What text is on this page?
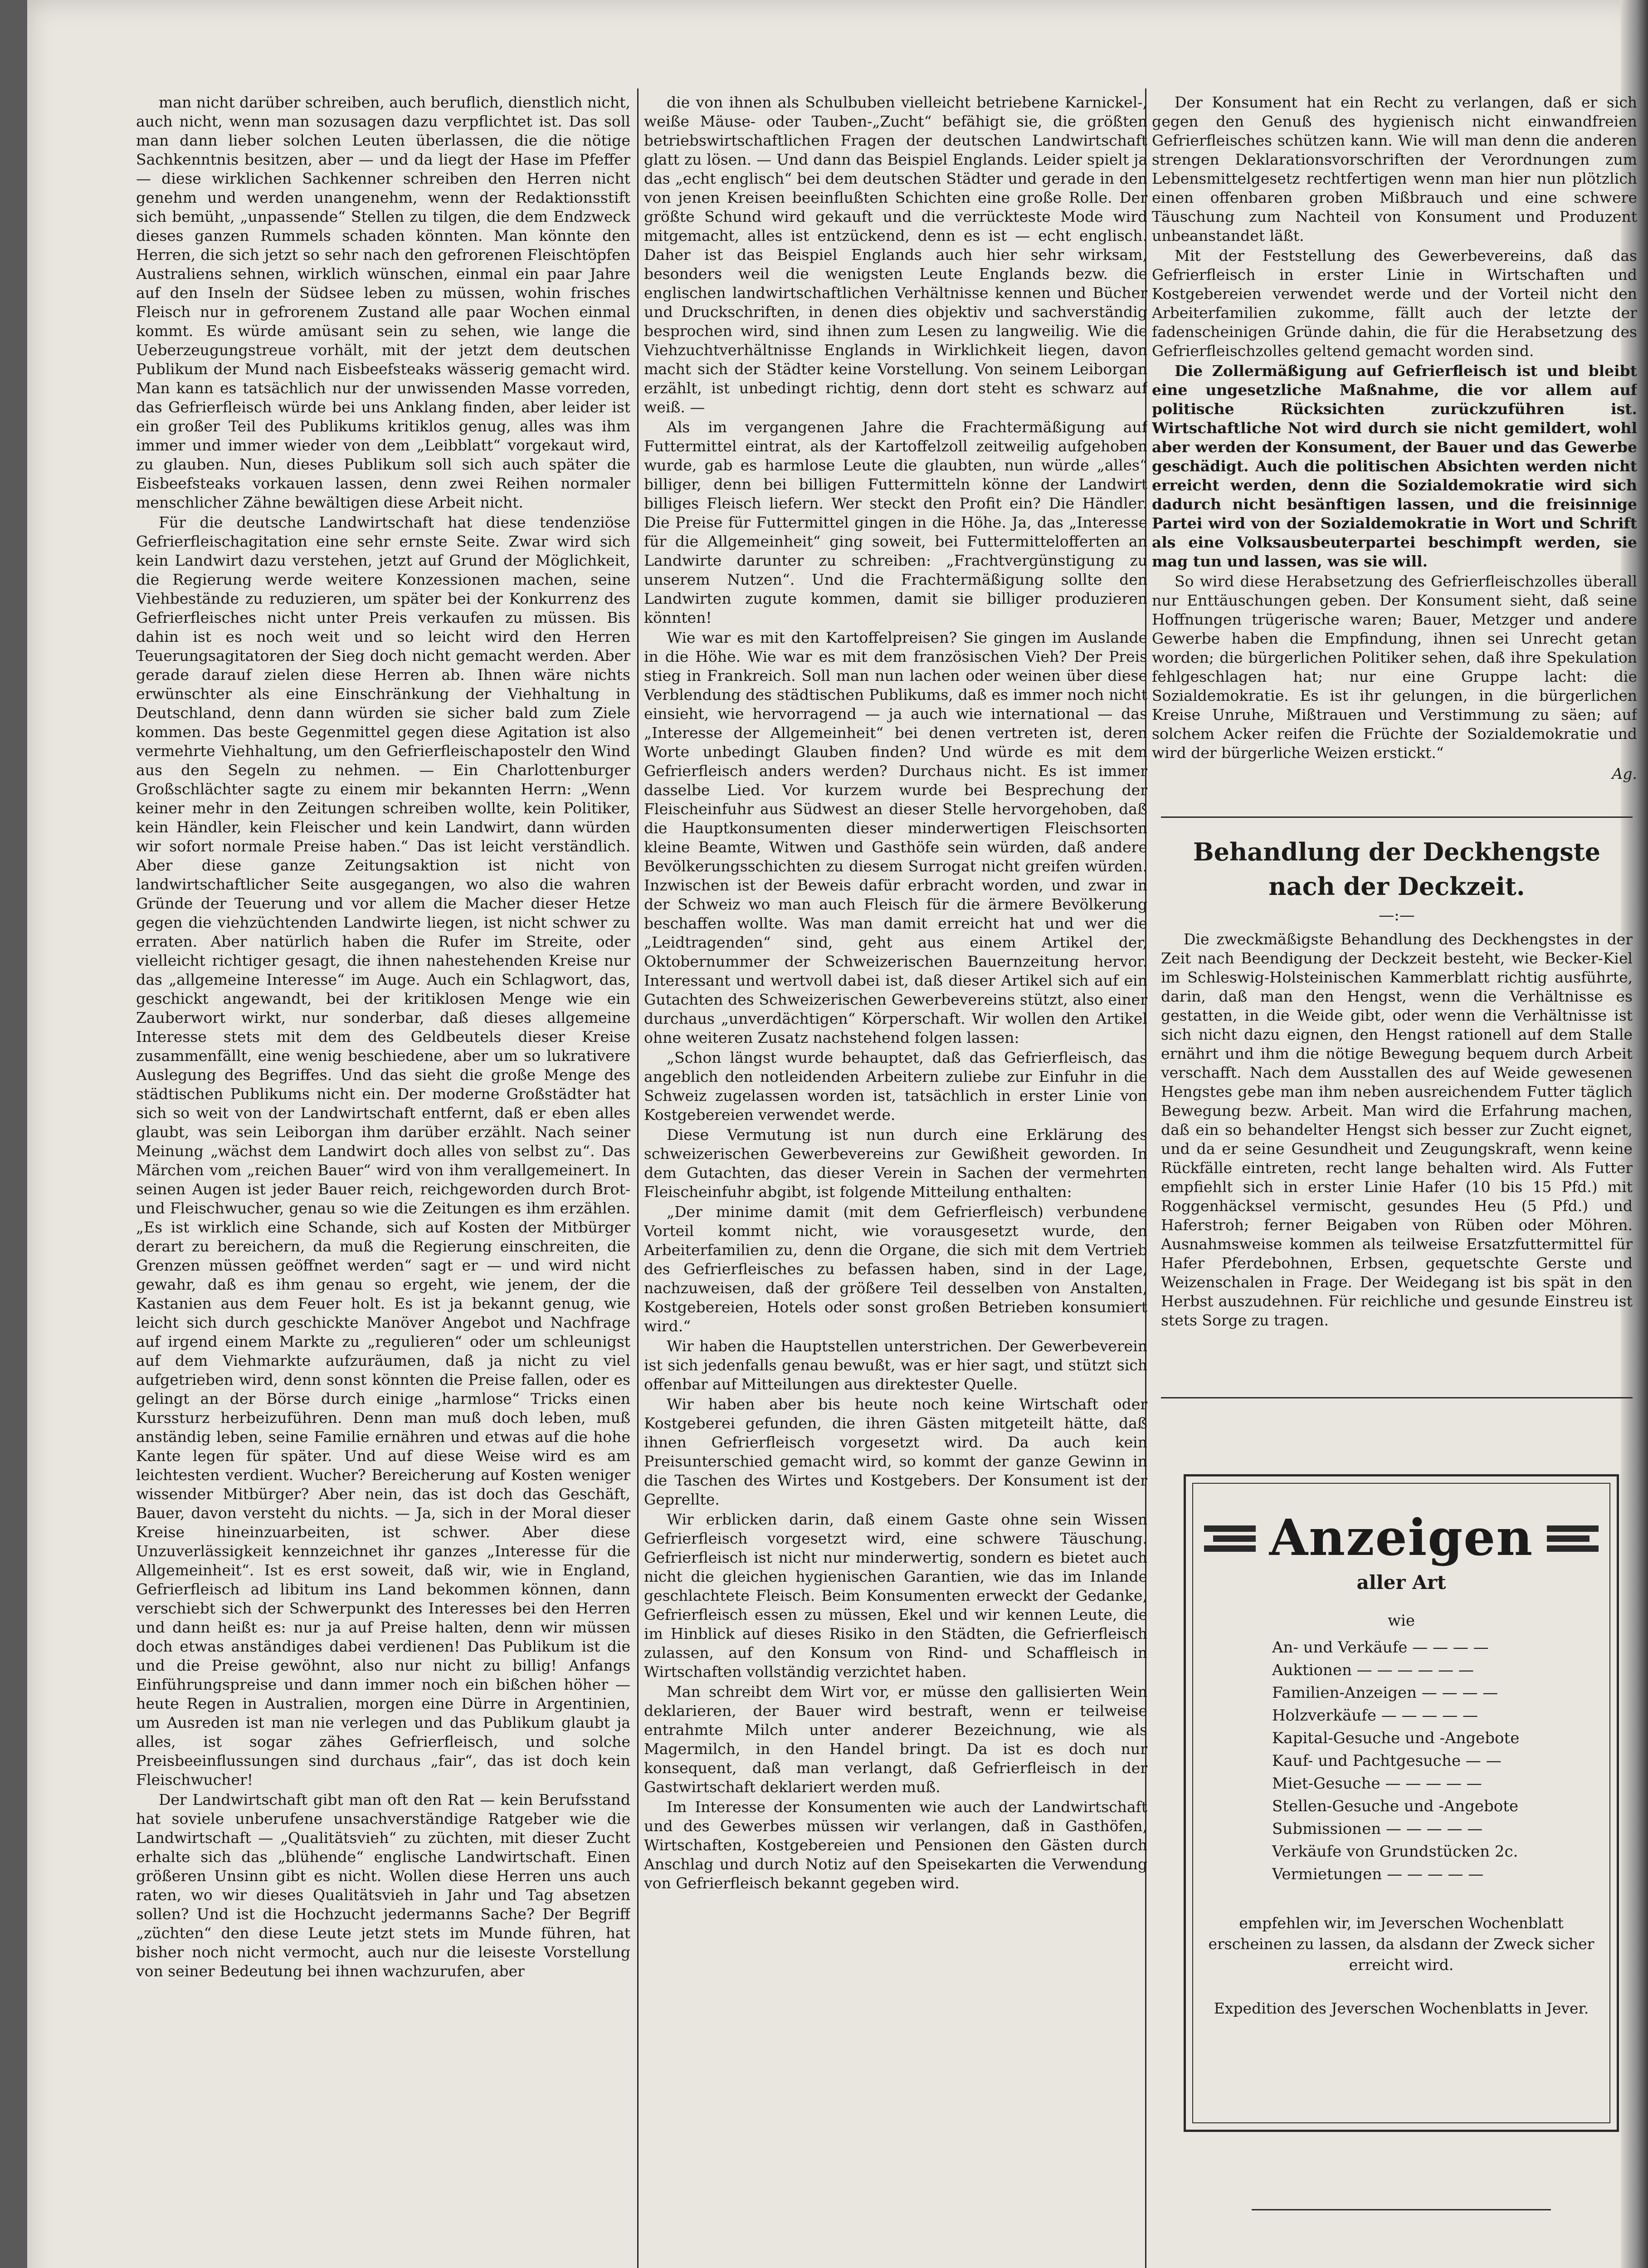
man nicht darüber schreiben, auch beruflich, dienstlich nicht, auch nicht, wenn man sozusagen dazu verpflichtet ist. Das soll man dann lieber solchen Leuten überlassen, die die nötige Sachkenntnis besitzen, aber — und da liegt der Hase im Pfeffer — diese wirklichen Sachkenner schreiben den Herren nicht genehm und werden unangenehm, wenn der Redaktionsstift sich bemüht, „unpassende“ Stellen zu tilgen, die dem Endzweck dieses ganzen Rummels schaden könnten. Man könnte den Herren, die sich jetzt so sehr nach den gefrorenen Fleischtöpfen Australiens sehnen, wirklich wünschen, einmal ein paar Jahre auf den Inseln der Südsee leben zu müssen, wohin frisches Fleisch nur in gefrorenem Zustand alle paar Wochen einmal kommt. Es würde amüsant sein zu sehen, wie lange die Ueberzeugungstreue vorhält, mit der jetzt dem deutschen Publikum der Mund nach Eisbeefsteaks wässerig gemacht wird. Man kann es tatsächlich nur der unwissenden Masse vorreden, das Gefrierfleisch würde bei uns Anklang finden, aber leider ist ein großer Teil des Publikums kritiklos genug, alles was ihm immer und immer wieder von dem „Leibblatt“ vorgekaut wird, zu glauben. Nun, dieses Publikum soll sich auch später die Eisbeefsteaks vorkauen lassen, denn zwei Reihen normaler menschlicher Zähne bewältigen diese Arbeit nicht.

Für die deutsche Landwirtschaft hat diese tendenziöse Gefrierfleischagitation eine sehr ernste Seite. Zwar wird sich kein Landwirt dazu verstehen, jetzt auf Grund der Möglichkeit, die Regierung werde weitere Konzessionen machen, seine Viehbestände zu reduzieren, um später bei der Konkurrenz des Gefrierfleisches nicht unter Preis verkaufen zu müssen. Bis dahin ist es noch weit und so leicht wird den Herren Teuerungsagitatoren der Sieg doch nicht gemacht werden. Aber gerade darauf zielen diese Herren ab. Ihnen wäre nichts erwünschter als eine Einschränkung der Viehhaltung in Deutschland, denn dann würden sie sicher bald zum Ziele kommen. Das beste Gegenmittel gegen diese Agitation ist also vermehrte Viehhaltung, um den Gefrierfleischapostelr den Wind aus den Segeln zu nehmen. — Ein Charlottenburger Großschlächter sagte zu einem mir bekannten Herrn: „Wenn keiner mehr in den Zeitungen schreiben wollte, kein Politiker, kein Händler, kein Fleischer und kein Landwirt, dann würden wir sofort normale Preise haben.“ Das ist leicht verständlich. Aber diese ganze Zeitungsaktion ist nicht von landwirtschaftlicher Seite ausgegangen, wo also die wahren Gründe der Teuerung und vor allem die Macher dieser Hetze gegen die viehzüchtenden Landwirte liegen, ist nicht schwer zu erraten. Aber natürlich haben die Rufer im Streite, oder vielleicht richtiger gesagt, die ihnen nahestehenden Kreise nur das „allgemeine Interesse“ im Auge. Auch ein Schlagwort, das, geschickt angewandt, bei der kritiklosen Menge wie ein Zauberwort wirkt, nur sonderbar, daß dieses allgemeine Interesse stets mit dem des Geldbeutels dieser Kreise zusammenfällt, eine wenig beschiedene, aber um so lukrativere Auslegung des Begriffes. Und das sieht die große Menge des städtischen Publikums nicht ein. Der moderne Großstädter hat sich so weit von der Landwirtschaft entfernt, daß er eben alles glaubt, was sein Leiborgan ihm darüber erzählt. Nach seiner Meinung „wächst dem Landwirt doch alles von selbst zu“. Das Märchen vom „reichen Bauer“ wird von ihm verallgemeinert. In seinen Augen ist jeder Bauer reich, reichgeworden durch Brot- und Fleischwucher, genau so wie die Zeitungen es ihm erzählen. „Es ist wirklich eine Schande, sich auf Kosten der Mitbürger derart zu bereichern, da muß die Regierung einschreiten, die Grenzen müssen geöffnet werden“ sagt er — und wird nicht gewahr, daß es ihm genau so ergeht, wie jenem, der die Kastanien aus dem Feuer holt. Es ist ja bekannt genug, wie leicht sich durch geschickte Manöver Angebot und Nachfrage auf irgend einem Markte zu „regulieren“ oder um schleunigst auf dem Viehmarkte aufzuräumen, daß ja nicht zu viel aufgetrieben wird, denn sonst könnten die Preise fallen, oder es gelingt an der Börse durch einige „harmlose“ Tricks einen Kurssturz herbeizuführen. Denn man muß doch leben, muß anständig leben, seine Familie ernähren und etwas auf die hohe Kante legen für später. Und auf diese Weise wird es am leichtesten verdient. Wucher? Bereicherung auf Kosten weniger wissender Mitbürger? Aber nein, das ist doch das Geschäft, Bauer, davon versteht du nichts. — Ja, sich in der Moral dieser Kreise hineinzuarbeiten, ist schwer. Aber diese Unzuverlässigkeit kennzeichnet ihr ganzes „Interesse für die Allgemeinheit“. Ist es erst soweit, daß wir, wie in England, Gefrierfleisch ad libitum ins Land bekommen können, dann verschiebt sich der Schwerpunkt des Interesses bei den Herren und dann heißt es: nur ja auf Preise halten, denn wir müssen doch etwas anständiges dabei verdienen! Das Publikum ist die und die Preise gewöhnt, also nur nicht zu billig! Anfangs Einführungspreise und dann immer noch ein bißchen höher — heute Regen in Australien, morgen eine Dürre in Argentinien, um Ausreden ist man nie verlegen und das Publikum glaubt ja alles, ist sogar zähes Gefrierfleisch, und solche Preisbeeinflussungen sind durchaus „fair“, das ist doch kein Fleischwucher!

Der Landwirtschaft gibt man oft den Rat — kein Berufsstand hat soviele unberufene unsachverständige Ratgeber wie die Landwirtschaft — „Qualitätsvieh“ zu züchten, mit dieser Zucht erhalte sich das „blühende“ englische Landwirtschaft. Einen größeren Unsinn gibt es nicht. Wollen diese Herren uns auch raten, wo wir dieses Qualitätsvieh in Jahr und Tag absetzen sollen? Und ist die Hochzucht jedermanns Sache? Der Begriff „züchten“ den diese Leute jetzt stets im Munde führen, hat bisher noch nicht vermocht, auch nur die leiseste Vorstellung von seiner Bedeutung bei ihnen wachzurufen, aber

die von ihnen als Schulbuben vielleicht betriebene Karnickel-, weiße Mäuse- oder Tauben-„Zucht“ befähigt sie, die größten betriebswirtschaftlichen Fragen der deutschen Landwirtschaft glatt zu lösen. — Und dann das Beispiel Englands. Leider spielt ja das „echt englisch“ bei dem deutschen Städter und gerade in den von jenen Kreisen beeinflußten Schichten eine große Rolle. Der größte Schund wird gekauft und die verrückteste Mode wird mitgemacht, alles ist entzückend, denn es ist — echt englisch. Daher ist das Beispiel Englands auch hier sehr wirksam, besonders weil die wenigsten Leute Englands bezw. die englischen landwirtschaftlichen Verhältnisse kennen und Bücher und Druckschriften, in denen dies objektiv und sachverständig besprochen wird, sind ihnen zum Lesen zu langweilig. Wie die Viehzuchtverhältnisse Englands in Wirklichkeit liegen, davon macht sich der Städter keine Vorstellung. Von seinem Leiborgan erzählt, ist unbedingt richtig, denn dort steht es schwarz auf weiß. —

Als im vergangenen Jahre die Frachtermäßigung auf Futtermittel eintrat, als der Kartoffelzoll zeitweilig aufgehoben wurde, gab es harmlose Leute die glaubten, nun würde „alles“ billiger, denn bei billigen Futtermitteln könne der Landwirt billiges Fleisch liefern. Wer steckt den Profit ein? Die Händler. Die Preise für Futtermittel gingen in die Höhe. Ja, das „Interesse für die Allgemeinheit“ ging soweit, bei Futtermittelofferten an Landwirte darunter zu schreiben: „Frachtvergünstigung zu unserem Nutzen“. Und die Frachtermäßigung sollte den Landwirten zugute kommen, damit sie billiger produzieren könnten!

Wie war es mit den Kartoffelpreisen? Sie gingen im Auslande in die Höhe. Wie war es mit dem französischen Vieh? Der Preis stieg in Frankreich. Soll man nun lachen oder weinen über diese Verblendung des städtischen Publikums, daß es immer noch nicht einsieht, wie hervorragend — ja auch wie international — das „Interesse der Allgemeinheit“ bei denen vertreten ist, deren Worte unbedingt Glauben finden? Und würde es mit dem Gefrierfleisch anders werden? Durchaus nicht. Es ist immer dasselbe Lied. Vor kurzem wurde bei Besprechung der Fleischeinfuhr aus Südwest an dieser Stelle hervorgehoben, daß die Hauptkonsumenten dieser minderwertigen Fleischsorten kleine Beamte, Witwen und Gasthöfe sein würden, daß andere Bevölkerungsschichten zu diesem Surrogat nicht greifen würden. Inzwischen ist der Beweis dafür erbracht worden, und zwar in der Schweiz wo man auch Fleisch für die ärmere Bevölkerung beschaffen wollte. Was man damit erreicht hat und wer die „Leidtragenden“ sind, geht aus einem Artikel der, Oktobernummer der Schweizerischen Bauernzeitung hervor. Interessant und wertvoll dabei ist, daß dieser Artikel sich auf ein Gutachten des Schweizerischen Gewerbevereins stützt, also einer durchaus „unverdächtigen“ Körperschaft. Wir wollen den Artikel ohne weiteren Zusatz nachstehend folgen lassen:

„Schon längst wurde behauptet, daß das Gefrierfleisch, das angeblich den notleidenden Arbeitern zuliebe zur Einfuhr in die Schweiz zugelassen worden ist, tatsächlich in erster Linie von Kostgebereien verwendet werde.

Diese Vermutung ist nun durch eine Erklärung des schweizerischen Gewerbevereins zur Gewißheit geworden. In dem Gutachten, das dieser Verein in Sachen der vermehrten Fleischeinfuhr abgibt, ist folgende Mitteilung enthalten:

„Der minime damit (mit dem Gefrierfleisch) verbundene Vorteil kommt nicht, wie vorausgesetzt wurde, den Arbeiterfamilien zu, denn die Organe, die sich mit dem Vertrieb des Gefrierfleisches zu befassen haben, sind in der Lage, nachzuweisen, daß der größere Teil desselben von Anstalten, Kostgebereien, Hotels oder sonst großen Betrieben konsumiert wird.“

Wir haben die Hauptstellen unterstrichen. Der Gewerbeverein ist sich jedenfalls genau bewußt, was er hier sagt, und stützt sich offenbar auf Mitteilungen aus direktester Quelle.

Wir haben aber bis heute noch keine Wirtschaft oder Kostgeberei gefunden, die ihren Gästen mitgeteilt hätte, daß ihnen Gefrierfleisch vorgesetzt wird. Da auch kein Preisunterschied gemacht wird, so kommt der ganze Gewinn in die Taschen des Wirtes und Kostgebers. Der Konsument ist der Geprellte.

Wir erblicken darin, daß einem Gaste ohne sein Wissen Gefrierfleisch vorgesetzt wird, eine schwere Täuschung. Gefrierfleisch ist nicht nur minderwertig, sondern es bietet auch nicht die gleichen hygienischen Garantien, wie das im Inlande geschlachtete Fleisch. Beim Konsumenten erweckt der Gedanke, Gefrierfleisch essen zu müssen, Ekel und wir kennen Leute, die im Hinblick auf dieses Risiko in den Städten, die Gefrierfleisch zulassen, auf den Konsum von Rind- und Schaffleisch in Wirtschaften vollständig verzichtet haben.

Man schreibt dem Wirt vor, er müsse den gallisierten Wein deklarieren, der Bauer wird bestraft, wenn er teilweise entrahmte Milch unter anderer Bezeichnung, wie als Magermilch, in den Handel bringt. Da ist es doch nur konsequent, daß man verlangt, daß Gefrierfleisch in der Gastwirtschaft deklariert werden muß.

Im Interesse der Konsumenten wie auch der Landwirtschaft und des Gewerbes müssen wir verlangen, daß in Gasthöfen, Wirtschaften, Kostgebereien und Pensionen den Gästen durch Anschlag und durch Notiz auf den Speisekarten die Verwendung von Gefrierfleisch bekannt gegeben wird.

Der Konsument hat ein Recht zu verlangen, daß er sich gegen den Genuß des hygienisch nicht einwandfreien Gefrierfleisches schützen kann. Wie will man denn die anderen strengen Deklarationsvorschriften der Verordnungen zum Lebensmittelgesetz rechtfertigen wenn man hier nun plötzlich einen offenbaren groben Mißbrauch und eine schwere Täuschung zum Nachteil von Konsument und Produzent unbeanstandet läßt.

Mit der Feststellung des Gewerbevereins, daß das Gefrierfleisch in erster Linie in Wirtschaften und Kostgebereien verwendet werde und der Vorteil nicht den Arbeiterfamilien zukomme, fällt auch der letzte der fadenscheinigen Gründe dahin, die für die Herabsetzung des Gefrierfleischzolles geltend gemacht worden sind.

Die Zollermäßigung auf Gefrierfleisch ist und bleibt eine ungesetzliche Maßnahme, die vor allem auf politische Rücksichten zurückzuführen ist. Wirtschaftliche Not wird durch sie nicht gemildert, wohl aber werden der Konsument, der Bauer und das Gewerbe geschädigt. Auch die politischen Absichten werden nicht erreicht werden, denn die Sozialdemokratie wird sich dadurch nicht besänftigen lassen, und die freisinnige Partei wird von der Sozialdemokratie in Wort und Schrift als eine Volksausbeuterpartei beschimpft werden, sie mag tun und lassen, was sie will.

So wird diese Herabsetzung des Gefrierfleischzolles überall nur Enttäuschungen geben. Der Konsument sieht, daß seine Hoffnungen trügerische waren; Bauer, Metzger und andere Gewerbe haben die Empfindung, ihnen sei Unrecht getan worden; die bürgerlichen Politiker sehen, daß ihre Spekulation fehlgeschlagen hat; nur eine Gruppe lacht: die Sozialdemokratie. Es ist ihr gelungen, in die bürgerlichen Kreise Unruhe, Mißtrauen und Verstimmung zu säen; auf solchem Acker reifen die Früchte der Sozialdemokratie und wird der bürgerliche Weizen erstickt.“

Ag.
Behandlung der Deckhengste nach der Deckzeit.
—:—

Die zweckmäßigste Behandlung des Deckhengstes in der Zeit nach Beendigung der Deckzeit besteht, wie Becker-Kiel im Schleswig-Holsteinischen Kammerblatt richtig ausführte, darin, daß man den Hengst, wenn die Verhältnisse es gestatten, in die Weide gibt, oder wenn die Verhältnisse ist sich nicht dazu eignen, den Hengst rationell auf dem Stalle ernährt und ihm die nötige Bewegung bequem durch Arbeit verschafft. Nach dem Ausstallen des auf Weide gewesenen Hengstes gebe man ihm neben ausreichendem Futter täglich Bewegung bezw. Arbeit. Man wird die Erfahrung machen, daß ein so behandelter Hengst sich besser zur Zucht eignet, und da er seine Gesundheit und Zeugungskraft, wenn keine Rückfälle eintreten, recht lange behalten wird. Als Futter empfiehlt sich in erster Linie Hafer (10 bis 15 Pfd.) mit Roggenhäcksel vermischt, gesundes Heu (5 Pfd.) und Haferstroh; ferner Beigaben von Rüben oder Möhren. Ausnahmsweise kommen als teilweise Ersatzfuttermittel für Hafer Pferdebohnen, Erbsen, gequetschte Gerste und Weizenschalen in Frage. Der Weidegang ist bis spät in den Herbst auszudehnen. Für reichliche und gesunde Einstreu ist stets Sorge zu tragen.

Anzeigen
aller Art
wie
An- und Verkäufe — — — —
Auktionen — — — — — —
Familien-Anzeigen — — — —
Holzverkäufe — — — — —
Kapital-Gesuche und -Angebote
Kauf- und Pachtgesuche — —
Miet-Gesuche — — — — —
Stellen-Gesuche und -Angebote
Submissionen — — — — —
Verkäufe von Grundstücken 2c.
Vermietungen — — — — —
empfehlen wir, im Jeverschen Wochenblatt erscheinen zu lassen, da alsdann der Zweck sicher erreicht wird.
Expedition des Jeverschen Wochenblatts in Jever.
